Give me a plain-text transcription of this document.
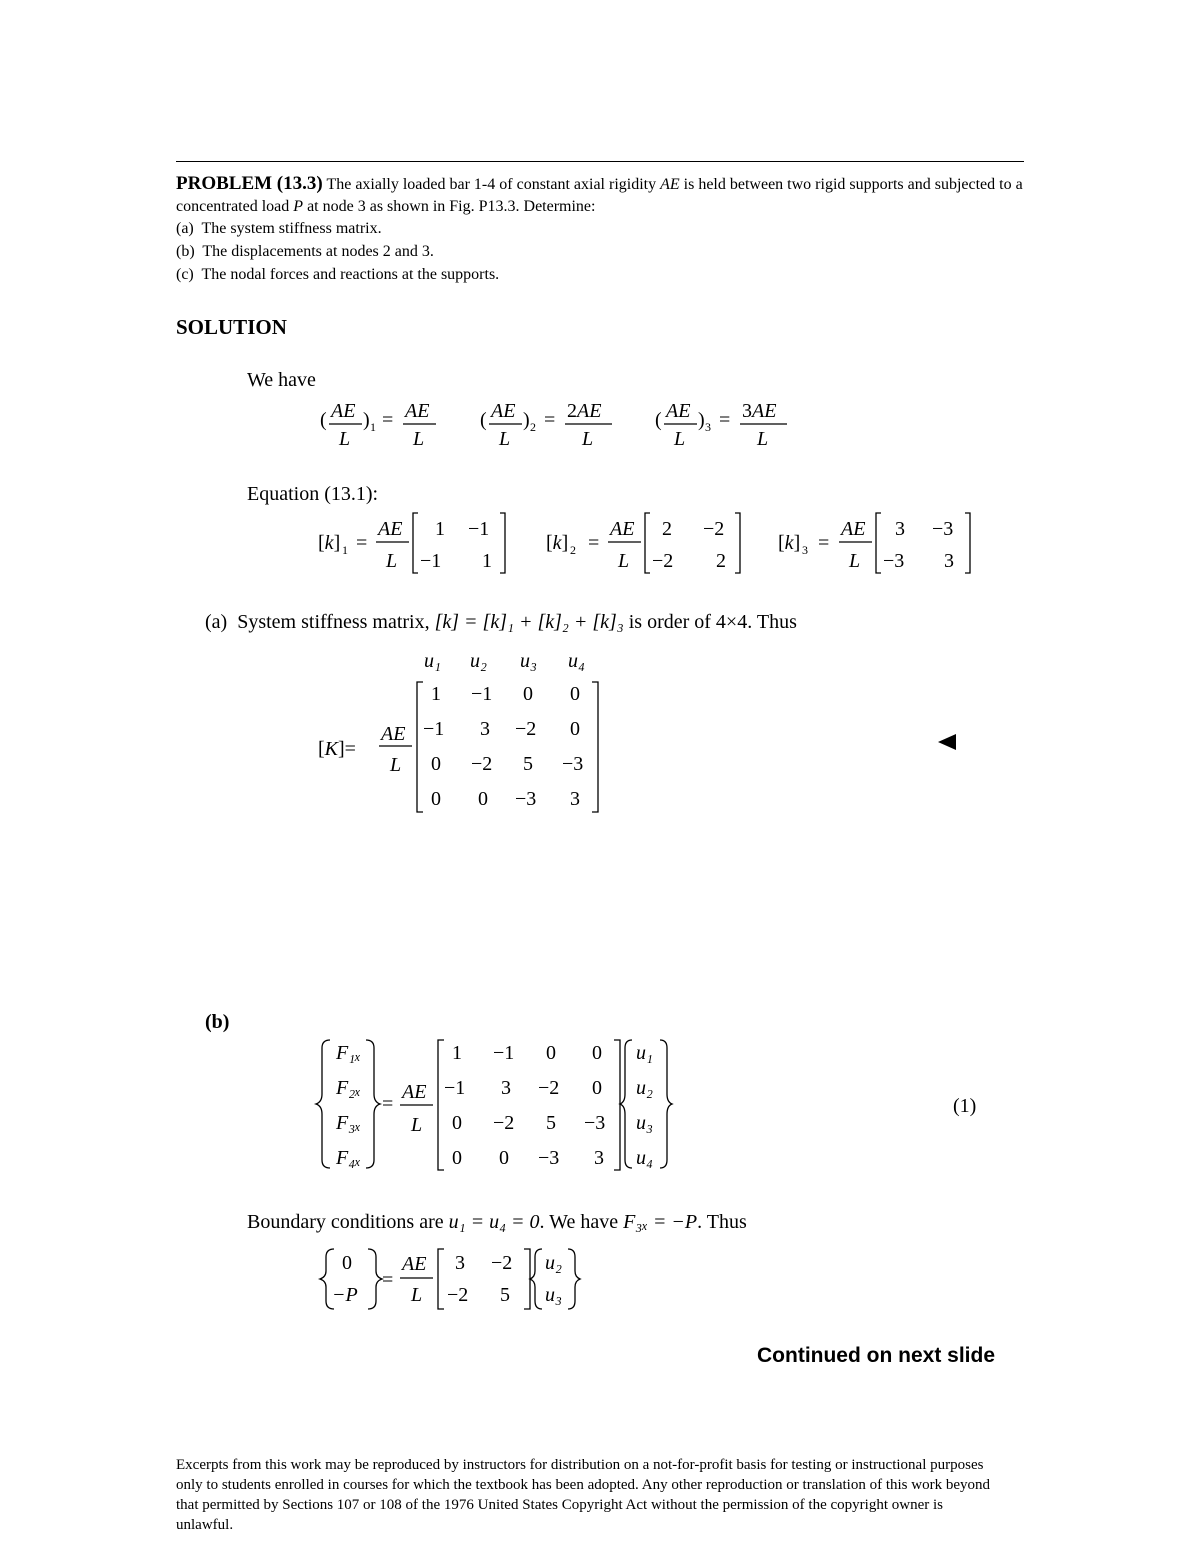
PROBLEM (13.3) The axially loaded bar 1-4 of constant axial rigidity AE is held between two rigid supports and subjected to a concentrated load P at node 3 as shown in Fig. P13.3. Determine:
(a) The system stiffness matrix.
(b) The displacements at nodes 2 and 3.
(c) The nodal forces and reactions at the supports.
SOLUTION
We have
( AE
L
) 1 = AE
L
( AE
L
) 2 = 2AE
L
( AE
L
) 3 = 3AE
L
Equation (13.1):
[k] 1 =
AE
L
1 −1
−1 1
[k] 2 =
AE
L
2 −2
−2 2
[k] 3 =
AE
L
3 −3
−3 3
(a) System stiffness matrix, [k] = [k]₁ + [k]₂ + [k]₃ is order of 4×4. Thus
u₁ u₂ u₃ u₄
[K]=
AE
L
1 −1 0 0
−1 3 −2 0
0 −2 5 −3
0 0 −3 3
(b)
F₁ₓ
F₂ₓ
F₃ₓ
F₄ₓ
=
AE
L
1 −1 0 0
−1 3 −2 0
0 −2 5 −3
0 0 −3 3
u₁
u₂
u₃
u₄
(1)
Boundary conditions are u₁ = u₄ = 0. We have F₃ₓ = −P. Thus
0
−P
=
AE
L
3 −2
−2 5
u₂
u₃
Continued on next slide
Excerpts from this work may be reproduced by instructors for distribution on a not-for-profit basis for testing or instructional purposes only to students enrolled in courses for which the textbook has been adopted. Any other reproduction or translation of this work beyond that permitted by Sections 107 or 108 of the 1976 United States Copyright Act without the permission of the copyright owner is unlawful.
